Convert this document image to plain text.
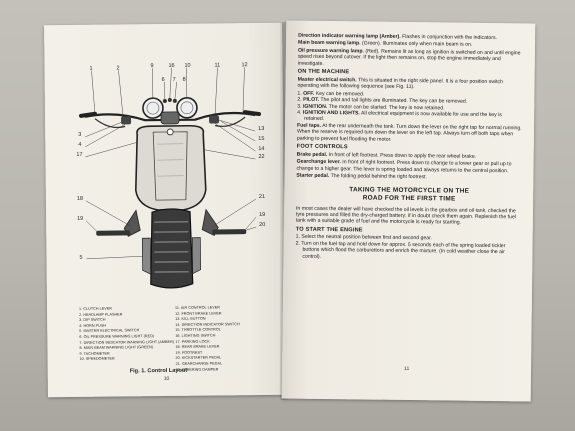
1	2	9	16 10	11	12
6 7 8
3
4
17
18
19
5
13
15
14
22
21
19
20
1. CLUTCH LEVER
2. HEADLAMP FLASHER
3. DIP SWITCH
4. HORN PUSH
5. MASTER ELECTRICAL SWITCH
6. OIL PRESSURE WARNING LIGHT (RED)
7. DIRECTION INDICATOR WARNING LIGHT (AMBER)
8. MAIN BEAM WARNING LIGHT (GREEN)
9. TACHOMETER
10. SPEEDOMETER
11. AIR CONTROL LEVER
12. FRONT BRAKE LEVER
13. KILL BUTTON
14. DIRECTION INDICATOR SWITCH
15. THROTTLE CONTROL
16. LIGHTING SWITCH
17. PARKING LOCK
18. REAR BRAKE LEVER
19. FOOTREST
20. KICKSTARTER PEDAL
21. GEARCHANGE PEDAL
22. STEERING DAMPER
Fig. 1. Control Layout
10

Direction indicator warning lamp (Amber). Flashes in conjunction with the indicators.

Main beam warning lamp. (Green). Illuminates only when main beam is on.

Oil pressure warning lamp. (Red). Remains lit as long as ignition is switched on and until engine speed rises beyond cutover. If the light then remains on, stop the engine immediately and investigate.

ON THE MACHINE

Master electrical switch. This is situated in the right side panel. It is a four position switch operating with the following sequence (see Fig. 11).

1. OFF. Key can be removed.
2. PILOT. The pilot and tail lights are illuminated. The key can be removed.
3. IGNITION. The motor can be started. The key is now retained.
4. IGNITION AND LIGHTS. All electrical equipment is now available for use and the key is retained.

Fuel taps. At the rear underneath the tank. Turn down the lever on the right tap for normal running. When the reserve is required turn down the lever on the left tap. Always turn off both taps when parking to prevent fuel flooding the motor.

FOOT CONTROLS

Brake pedal. In front of left footrest. Press down to apply the rear wheel brake.

Gearchange lever. In front of right footrest. Press down to change to a lower gear or pull up to change to a higher gear. The lever is spring loaded and always returns to the central position.

Starter pedal. The folding pedal behind the right footrest.

TAKING THE MOTORCYCLE ON THE
ROAD FOR THE FIRST TIME

In most cases the dealer will have checked the oil levels in the gearbox and oil tank, checked the tyre pressures and filled the dry-charged battery; if in doubt check them again. Replenish the fuel tank with a suitable grade of fuel and the motorcycle is ready for starting.

TO START THE ENGINE
1. Select the neutral position between first and second gear.
2. Turn on the fuel tap and hold down for approx. 5 seconds each of the spring loaded tickler buttons which flood the carburettors and enrich the mixture. (In cold weather close the air control).
11
